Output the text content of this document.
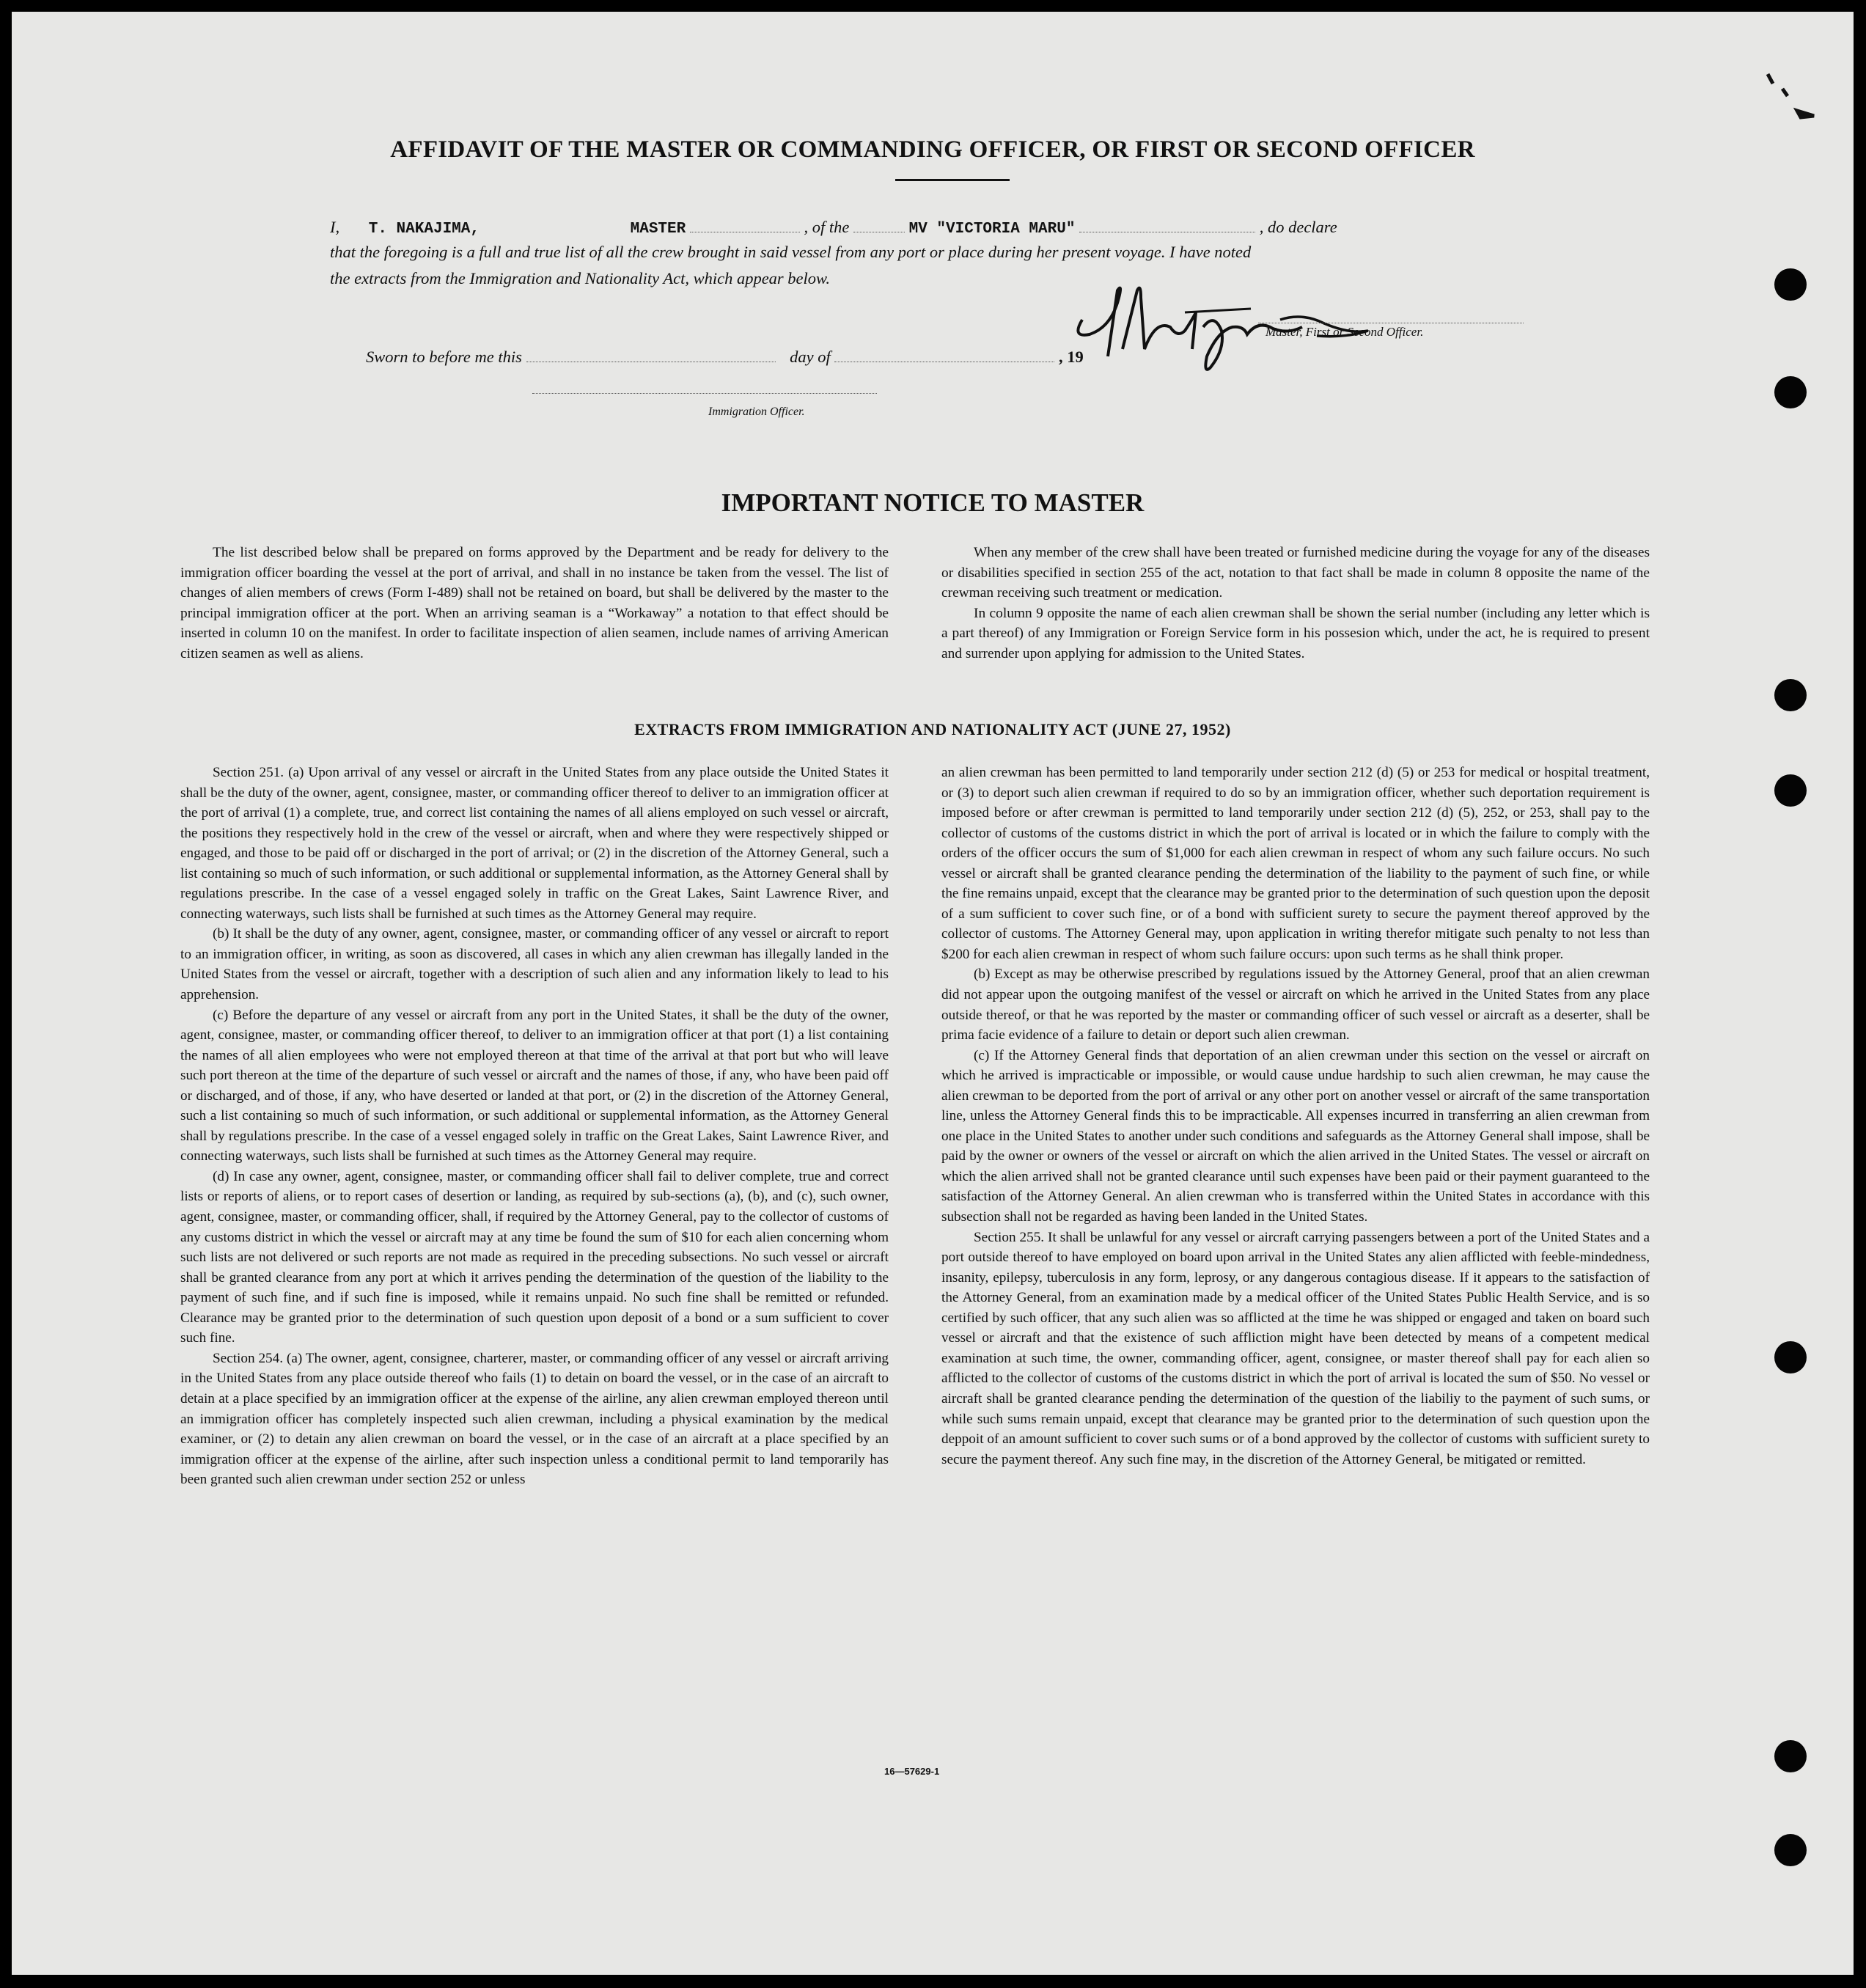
AFFIDAVIT OF THE MASTER OR COMMANDING OFFICER, OR FIRST OR SECOND OFFICER
I, T. NAKAJIMA,	MASTER	, of the	MV "VICTORIA MARU"	, do declare
that the foregoing is a full and true list of all the crew brought in said vessel from any port or place during her present voyage. I have noted
the extracts from the Immigration and Nationality Act, which appear below.
Master, First or Second Officer.
Sworn to before me this	day of	, 19
Immigration Officer.
IMPORTANT NOTICE TO MASTER

The list described below shall be prepared on forms approved by the Department and be ready for delivery to the immigration officer boarding the vessel at the port of arrival, and shall in no instance be taken from the vessel. The list of changes of alien members of crews (Form I-489) shall not be retained on board, but shall be delivered by the master to the principal immigration officer at the port. When an arriving seaman is a “Workaway” a notation to that effect should be inserted in column 10 on the manifest. In order to facilitate inspection of alien seamen, include names of arriving American citizen seamen as well as aliens.

When any member of the crew shall have been treated or furnished medicine during the voyage for any of the diseases or disabilities specified in section 255 of the act, notation to that fact shall be made in column 8 opposite the name of the crewman receiving such treatment or medication.

In column 9 opposite the name of each alien crewman shall be shown the serial number (including any letter which is a part thereof) of any Immigration or Foreign Service form in his possesion which, under the act, he is required to present and surrender upon applying for admission to the United States.

EXTRACTS FROM IMMIGRATION AND NATIONALITY ACT (JUNE 27, 1952)

Section 251. (a) Upon arrival of any vessel or aircraft in the United States from any place outside the United States it shall be the duty of the owner, agent, consignee, master, or commanding officer thereof to deliver to an immigration officer at the port of arrival (1) a complete, true, and correct list containing the names of all aliens employed on such vessel or aircraft, the positions they respectively hold in the crew of the vessel or aircraft, when and where they were respectively shipped or engaged, and those to be paid off or discharged in the port of arrival; or (2) in the discretion of the Attorney General, such a list containing so much of such information, or such additional or supplemental information, as the Attorney General shall by regulations prescribe. In the case of a vessel engaged solely in traffic on the Great Lakes, Saint Lawrence River, and connecting waterways, such lists shall be furnished at such times as the Attorney General may require.

(b) It shall be the duty of any owner, agent, consignee, master, or commanding officer of any vessel or aircraft to report to an immigration officer, in writing, as soon as discovered, all cases in which any alien crewman has illegally landed in the United States from the vessel or aircraft, together with a description of such alien and any information likely to lead to his apprehension.

(c) Before the departure of any vessel or aircraft from any port in the United States, it shall be the duty of the owner, agent, consignee, master, or commanding officer thereof, to deliver to an immigration officer at that port (1) a list containing the names of all alien employees who were not employed thereon at that time of the arrival at that port but who will leave such port thereon at the time of the departure of such vessel or aircraft and the names of those, if any, who have been paid off or discharged, and of those, if any, who have deserted or landed at that port, or (2) in the discretion of the Attorney General, such a list containing so much of such information, or such additional or supplemental information, as the Attorney General shall by regulations prescribe. In the case of a vessel engaged solely in traffic on the Great Lakes, Saint Lawrence River, and connecting waterways, such lists shall be furnished at such times as the Attorney General may require.

(d) In case any owner, agent, consignee, master, or commanding officer shall fail to deliver complete, true and correct lists or reports of aliens, or to report cases of desertion or landing, as required by sub-sections (a), (b), and (c), such owner, agent, consignee, master, or commanding officer, shall, if required by the Attorney General, pay to the collector of customs of any customs district in which the vessel or aircraft may at any time be found the sum of $10 for each alien concerning whom such lists are not delivered or such reports are not made as required in the preceding subsections. No such vessel or aircraft shall be granted clearance from any port at which it arrives pending the determination of the question of the liability to the payment of such fine, and if such fine is imposed, while it remains unpaid. No such fine shall be remitted or refunded. Clearance may be granted prior to the determination of such question upon deposit of a bond or a sum sufficient to cover such fine.

Section 254. (a) The owner, agent, consignee, charterer, master, or commanding officer of any vessel or aircraft arriving in the United States from any place outside thereof who fails (1) to detain on board the vessel, or in the case of an aircraft to detain at a place specified by an immigration officer at the expense of the airline, any alien crewman employed thereon until an immigration officer has completely inspected such alien crewman, including a physical examination by the medical examiner, or (2) to detain any alien crewman on board the vessel, or in the case of an aircraft at a place specified by an immigration officer at the expense of the airline, after such inspection unless a conditional permit to land temporarily has been granted such alien crewman under section 252 or unless

an alien crewman has been permitted to land temporarily under section 212 (d) (5) or 253 for medical or hospital treatment, or (3) to deport such alien crewman if required to do so by an immigration officer, whether such deportation requirement is imposed before or after crewman is permitted to land temporarily under section 212 (d) (5), 252, or 253, shall pay to the collector of customs of the customs district in which the port of arrival is located or in which the failure to comply with the orders of the officer occurs the sum of $1,000 for each alien crewman in respect of whom any such failure occurs. No such vessel or aircraft shall be granted clearance pending the determination of the liability to the payment of such fine, or while the fine remains unpaid, except that the clearance may be granted prior to the determination of such question upon the deposit of a sum sufficient to cover such fine, or of a bond with sufficient surety to secure the payment thereof approved by the collector of customs. The Attorney General may, upon application in writing therefor mitigate such penalty to not less than $200 for each alien crewman in respect of whom such failure occurs: upon such terms as he shall think proper.

(b) Except as may be otherwise prescribed by regulations issued by the Attorney General, proof that an alien crewman did not appear upon the outgoing manifest of the vessel or aircraft on which he arrived in the United States from any place outside thereof, or that he was reported by the master or commanding officer of such vessel or aircraft as a deserter, shall be prima facie evidence of a failure to detain or deport such alien crewman.

(c) If the Attorney General finds that deportation of an alien crewman under this section on the vessel or aircraft on which he arrived is impracticable or impossible, or would cause undue hardship to such alien crewman, he may cause the alien crewman to be deported from the port of arrival or any other port on another vessel or aircraft of the same transportation line, unless the Attorney General finds this to be impracticable. All expenses incurred in transferring an alien crewman from one place in the United States to another under such conditions and safeguards as the Attorney General shall impose, shall be paid by the owner or owners of the vessel or aircraft on which the alien arrived in the United States. The vessel or aircraft on which the alien arrived shall not be granted clearance until such expenses have been paid or their payment guaranteed to the satisfaction of the Attorney General. An alien crewman who is transferred within the United States in accordance with this subsection shall not be regarded as having been landed in the United States.

Section 255. It shall be unlawful for any vessel or aircraft carrying passengers between a port of the United States and a port outside thereof to have employed on board upon arrival in the United States any alien afflicted with feeble-mindedness, insanity, epilepsy, tuberculosis in any form, leprosy, or any dangerous contagious disease. If it appears to the satisfaction of the Attorney General, from an examination made by a medical officer of the United States Public Health Service, and is so certified by such officer, that any such alien was so afflicted at the time he was shipped or engaged and taken on board such vessel or aircraft and that the existence of such affliction might have been detected by means of a competent medical examination at such time, the owner, commanding officer, agent, consignee, or master thereof shall pay for each alien so afflicted to the collector of customs of the customs district in which the port of arrival is located the sum of $50. No vessel or aircraft shall be granted clearance pending the determination of the question of the liabiliy to the payment of such sums, or while such sums remain unpaid, except that clearance may be granted prior to the determination of such question upon the deppoit of an amount sufficient to cover such sums or of a bond approved by the collector of customs with sufficient surety to secure the payment thereof. Any such fine may, in the discretion of the Attorney General, be mitigated or remitted.

16—57629-1
